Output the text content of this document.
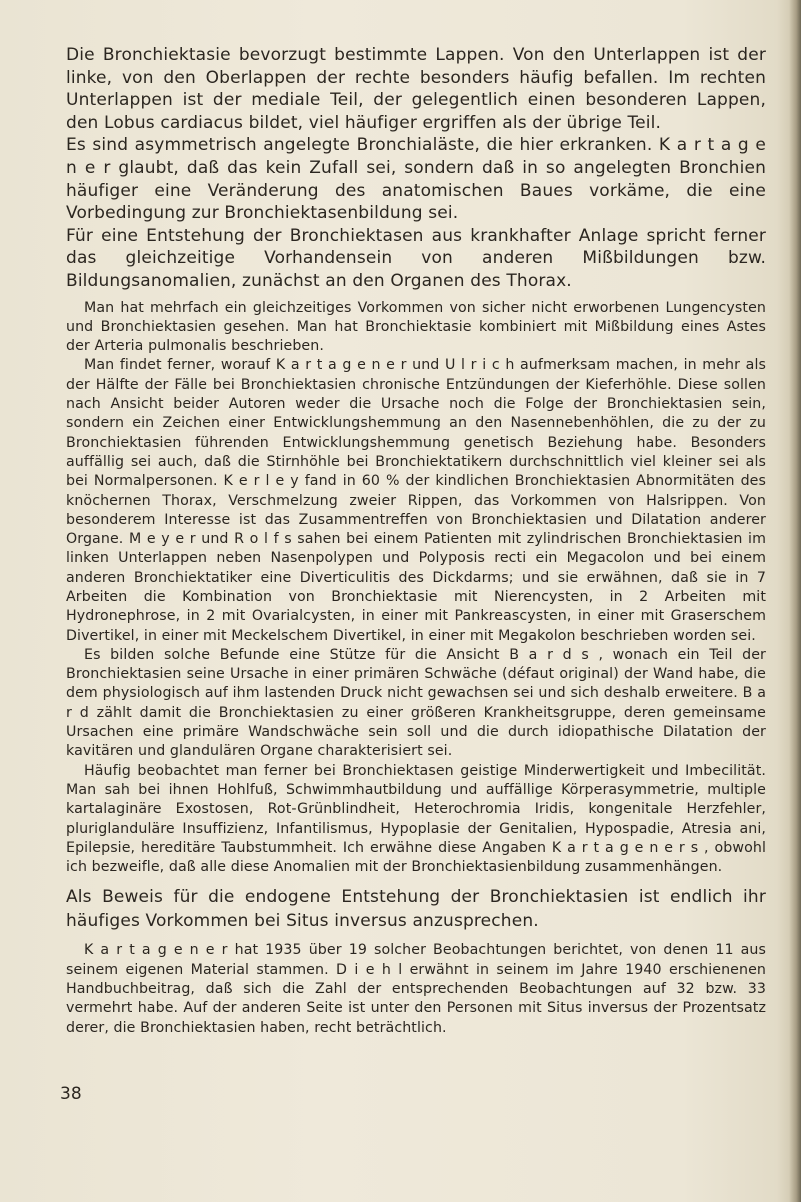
Die Bronchiektasie bevorzugt bestimmte Lappen. Von den Unterlappen ist der linke, von den Oberlappen der rechte besonders häufig befallen. Im rechten Unterlappen ist der mediale Teil, der gelegentlich einen besonderen Lappen, den Lobus cardiacus bildet, viel häufiger ergriffen als der übrige Teil.

Es sind asymmetrisch angelegte Bronchialäste, die hier erkranken. K a r t a g e n e r glaubt, daß das kein Zufall sei, sondern daß in so angelegten Bronchien häufiger eine Veränderung des anatomischen Baues vorkäme, die eine Vorbedingung zur Bronchiektasenbildung sei.

Für eine Entstehung der Bronchiektasen aus krankhafter Anlage spricht ferner das gleichzeitige Vorhandensein von anderen Mißbildungen bzw. Bildungsanomalien, zunächst an den Organen des Thorax.

Man hat mehrfach ein gleichzeitiges Vorkommen von sicher nicht erworbenen Lungencysten und Bronchiektasien gesehen. Man hat Bronchiektasie kombiniert mit Mißbildung eines Astes der Arteria pulmonalis beschrieben.

Man findet ferner, worauf K a r t a g e n e r und U l r i c h aufmerksam machen, in mehr als der Hälfte der Fälle bei Bronchiektasien chronische Entzündungen der Kieferhöhle. Diese sollen nach Ansicht beider Autoren weder die Ursache noch die Folge der Bronchiektasien sein, sondern ein Zeichen einer Entwicklungshemmung an den Nasennebenhöhlen, die zu der zu Bronchiektasien führenden Entwicklungshemmung genetisch Beziehung habe. Besonders auffällig sei auch, daß die Stirnhöhle bei Bronchiektatikern durchschnittlich viel kleiner sei als bei Normalpersonen. K e r l e y fand in 60 % der kindlichen Bronchiektasien Abnormitäten des knöchernen Thorax, Verschmelzung zweier Rippen, das Vorkommen von Halsrippen. Von besonderem Interesse ist das Zusammentreffen von Bronchiektasien und Dilatation anderer Organe. M e y e r und R o l f s sahen bei einem Patienten mit zylindrischen Bronchiektasien im linken Unterlappen neben Nasenpolypen und Polyposis recti ein Megacolon und bei einem anderen Bronchiektatiker eine Diverticulitis des Dickdarms; und sie erwähnen, daß sie in 7 Arbeiten die Kombination von Bronchiektasie mit Nierencysten, in 2 Arbeiten mit Hydronephrose, in 2 mit Ovarialcysten, in einer mit Pankreascysten, in einer mit Graserschem Divertikel, in einer mit Meckelschem Divertikel, in einer mit Megakolon beschrieben worden sei.

Es bilden solche Befunde eine Stütze für die Ansicht B a r d s , wonach ein Teil der Bronchiektasien seine Ursache in einer primären Schwäche (défaut original) der Wand habe, die dem physiologisch auf ihm lastenden Druck nicht gewachsen sei und sich deshalb erweitere. B a r d zählt damit die Bronchiektasien zu einer größeren Krankheitsgruppe, deren gemeinsame Ursachen eine primäre Wandschwäche sein soll und die durch idiopathische Dilatation der kavitären und glandulären Organe charakterisiert sei.

Häufig beobachtet man ferner bei Bronchiektasen geistige Minderwertigkeit und Imbecilität. Man sah bei ihnen Hohlfuß, Schwimmhautbildung und auffällige Körperasymmetrie, multiple kartalaginäre Exostosen, Rot-Grünblindheit, Heterochromia Iridis, kongenitale Herzfehler, pluriglanduläre Insuffizienz, Infantilismus, Hypoplasie der Genitalien, Hypospadie, Atresia ani, Epilepsie, hereditäre Taubstummheit. Ich erwähne diese Angaben K a r t a g e n e r s , obwohl ich bezweifle, daß alle diese Anomalien mit der Bronchiektasienbildung zusammenhängen.

Als Beweis für die endogene Entstehung der Bronchiektasien ist endlich ihr häufiges Vorkommen bei Situs inversus anzusprechen.

K a r t a g e n e r hat 1935 über 19 solcher Beobachtungen berichtet, von denen 11 aus seinem eigenen Material stammen. D i e h l erwähnt in seinem im Jahre 1940 erschienenen Handbuchbeitrag, daß sich die Zahl der entsprechenden Beobachtungen auf 32 bzw. 33 vermehrt habe. Auf der anderen Seite ist unter den Personen mit Situs inversus der Prozentsatz derer, die Bronchiektasien haben, recht beträchtlich.

38
